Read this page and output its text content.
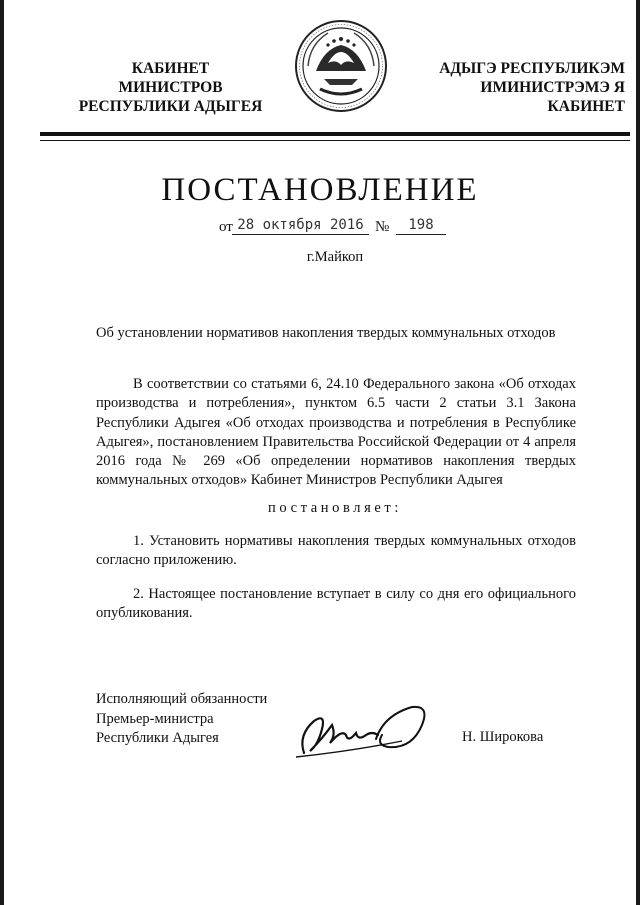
КАБИНЕТ МИНИСТРОВ
РЕСПУБЛИКИ АДЫГЕЯ
АДЫГЭ РЕСПУБЛИКЭМ
ИМИНИСТРЭМЭ Я КАБИНЕТ
ПОСТАНОВЛЕНИЕ
от 28 октября 2016 №	198
г.Майкоп
Об установлении нормативов накопления твердых коммунальных отходов

В соответствии со статьями 6, 24.10 Федерального закона «Об отходах производства и потребления», пунктом 6.5 части 2 статьи 3.1 Закона Республики Адыгея «Об отходах производства и потребления в Республике Адыгея», постановлением Правительства Российской Федерации от 4 апреля 2016 года № 269 «Об определении нормативов накопления твердых коммунальных отходов» Кабинет Министров Республики Адыгея

постановляет:

1. Установить нормативы накопления твердых коммунальных отходов согласно приложению.

2. Настоящее постановление вступает в силу со дня его официального опубликования.

Исполняющий обязанности
Премьер-министра
Республики Адыгея	Н. Широкова
